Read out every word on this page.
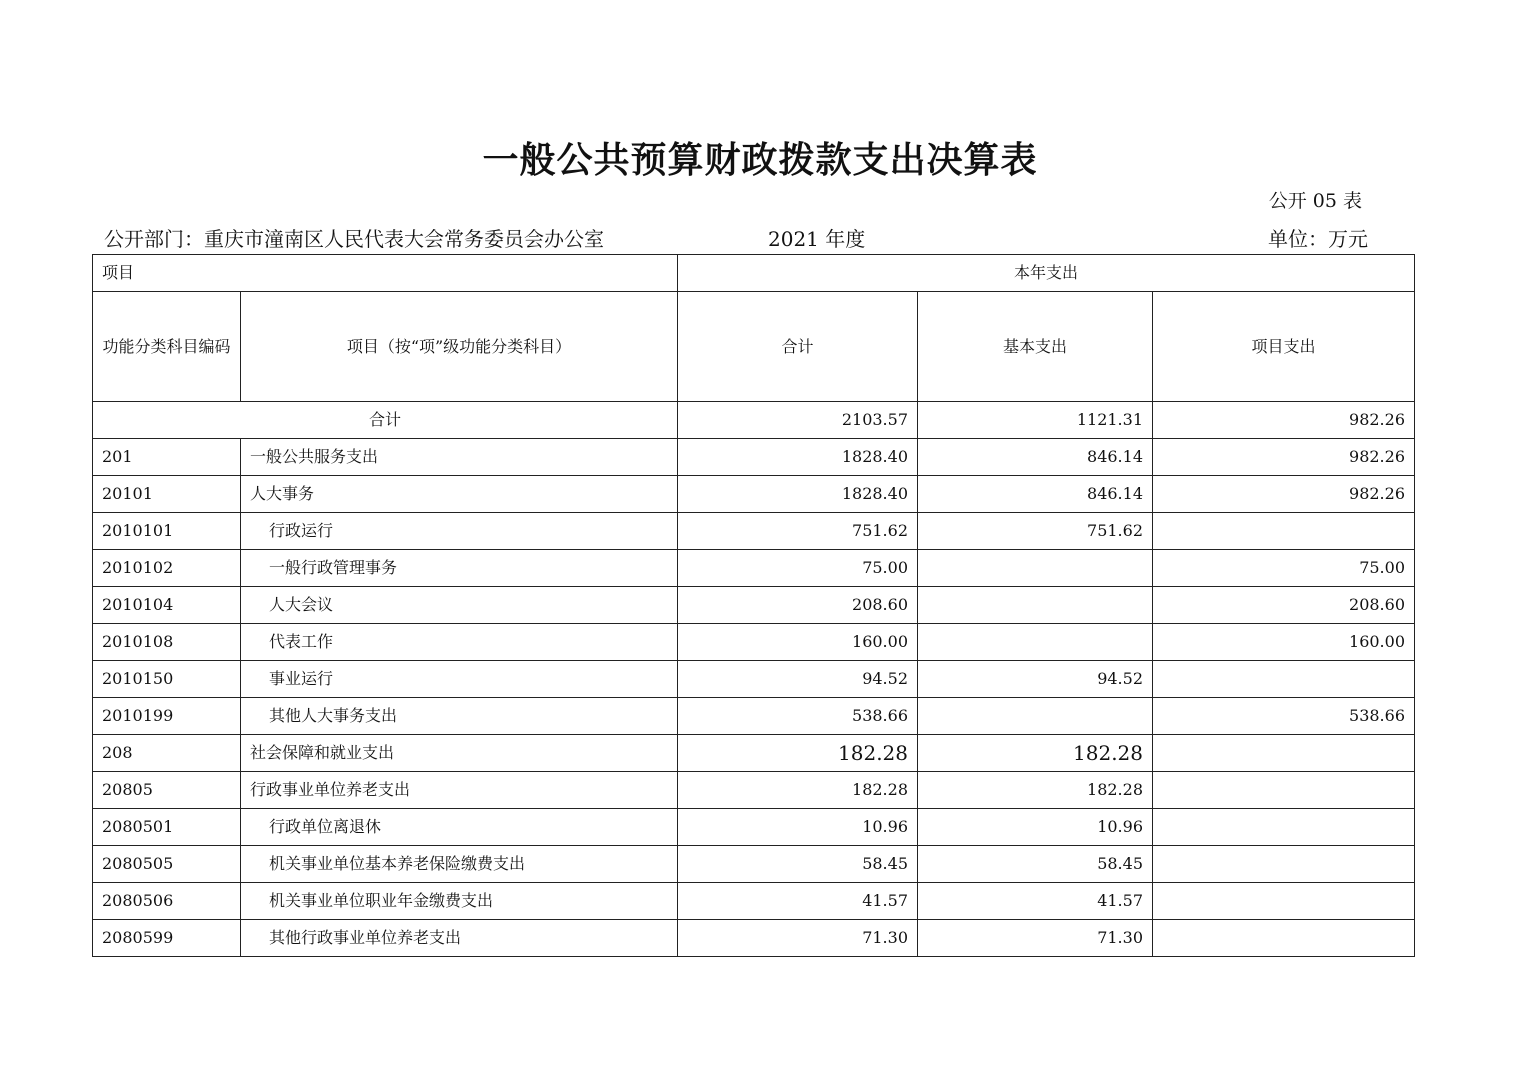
一般公共预算财政拨款支出决算表
公开 05 表
公开部门：重庆市潼南区人民代表大会常务委员会办公室	2021 年度	单位：万元
项目		本年支出		
功能分类科目编码	项目（按“项”级功能分类科目）	合计	基本支出	项目支出
合计		2103.57	1121.31	982.26
201	一般公共服务支出	1828.40	846.14	982.26
20101	人大事务	1828.40	846.14	982.26
2010101	行政运行	751.62	751.62	
2010102	一般行政管理事务	75.00		75.00
2010104	人大会议	208.60		208.60
2010108	代表工作	160.00		160.00
2010150	事业运行	94.52	94.52	
2010199	其他人大事务支出	538.66		538.66
208	社会保障和就业支出	182.28	182.28	
20805	行政事业单位养老支出	182.28	182.28	
2080501	行政单位离退休	10.96	10.96	
2080505	机关事业单位基本养老保险缴费支出	58.45	58.45	
2080506	机关事业单位职业年金缴费支出	41.57	41.57	
2080599	其他行政事业单位养老支出	71.30	71.30	
